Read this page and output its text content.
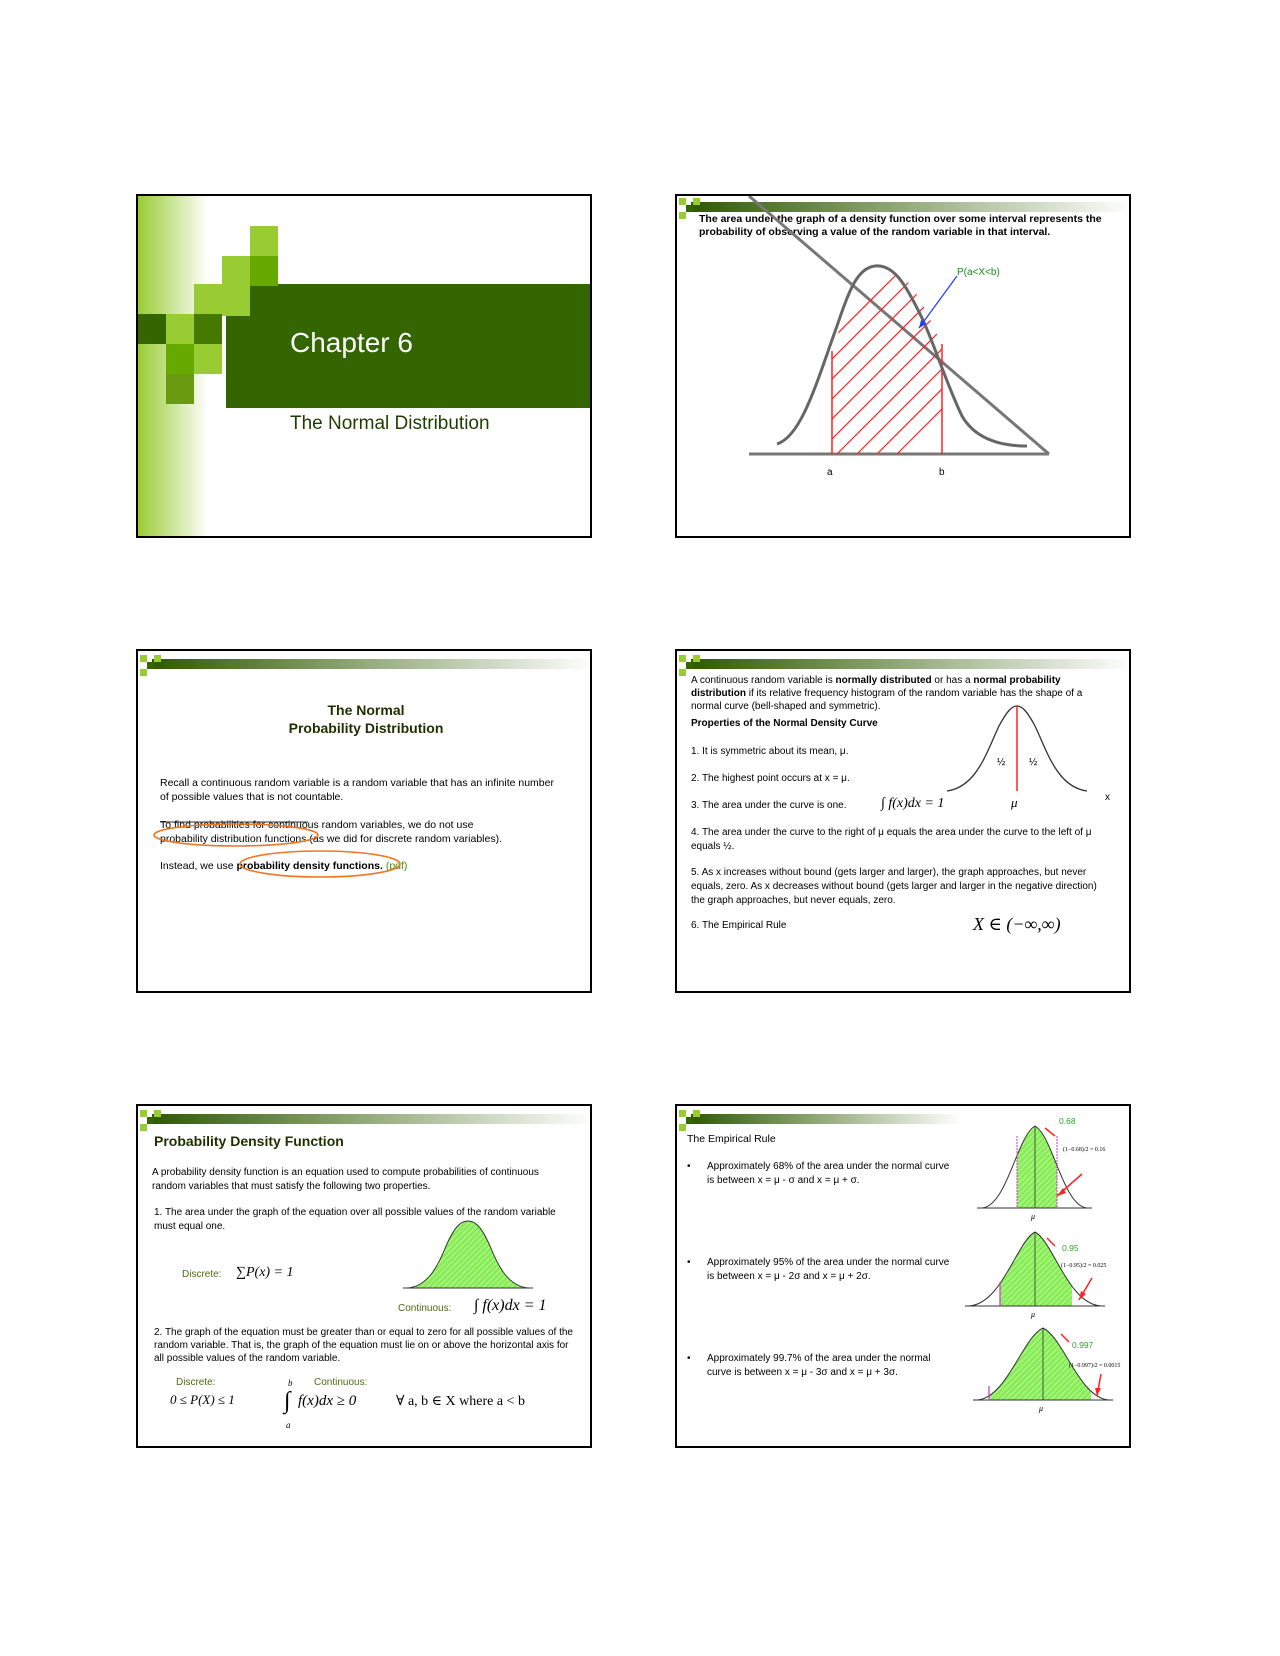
Chapter 6
The Normal Distribution
The area under the graph of a density function over some interval represents the probability of observing a value of the random variable in that interval.
P(a<X<b)
a	b
The Normal
Probability Distribution
Recall a continuous random variable is a random variable that has an infinite number of possible values that is not countable.
To find probabilities for continuous random variables, we do not use
probability distribution functions (as we did for discrete random variables).
Instead, we use probability density functions. (pdf)
A continuous random variable is normally distributed or has a normal probability distribution if its relative frequency histogram of the random variable has the shape of a normal curve (bell-shaped and symmetric).
Properties of the Normal Density Curve
1. It is symmetric about its mean, μ.
2. The highest point occurs at x = μ.
3. The area under the curve is one. ∫ f(x)dx = 1
4. The area under the curve to the right of μ equals the area under the curve to the left of μ equals ½.
5. As x increases without bound (gets larger and larger), the graph approaches, but never equals, zero. As x decreases without bound (gets larger and larger in the negative direction) the graph approaches, but never equals, zero.
6. The Empirical Rule	X ∈ (−∞,∞)
½ ½
μ	x
Probability Density Function
A probability density function is an equation used to compute probabilities of continuous random variables that must satisfy the following two properties.
1. The area under the graph of the equation over all possible values of the random variable must equal one.
Discrete: ∑P(x) = 1
Continuous: ∫ f(x)dx = 1
2. The graph of the equation must be greater than or equal to zero for all possible values of the random variable. That is, the graph of the equation must lie on or above the horizontal axis for all possible values of the random variable.
Discrete:	Continuous:
0 ≤ P(X) ≤ 1
b
∫ f(x)dx ≥ 0
a
∀ a, b ∈ X where a < b
The Empirical Rule
• Approximately 68% of the area under the normal curve is between x = μ - σ and x = μ + σ.
• Approximately 95% of the area under the normal curve is between x = μ - 2σ and x = μ + 2σ.
• Approximately 99.7% of the area under the normal curve is between x = μ - 3σ and x = μ + 3σ.
0.68
0.95
0.997
(1−0.68)/2 = 0.16
(1−0.95)/2 = 0.025
(1−0.997)/2 = 0.0015
μ
μ
μ
